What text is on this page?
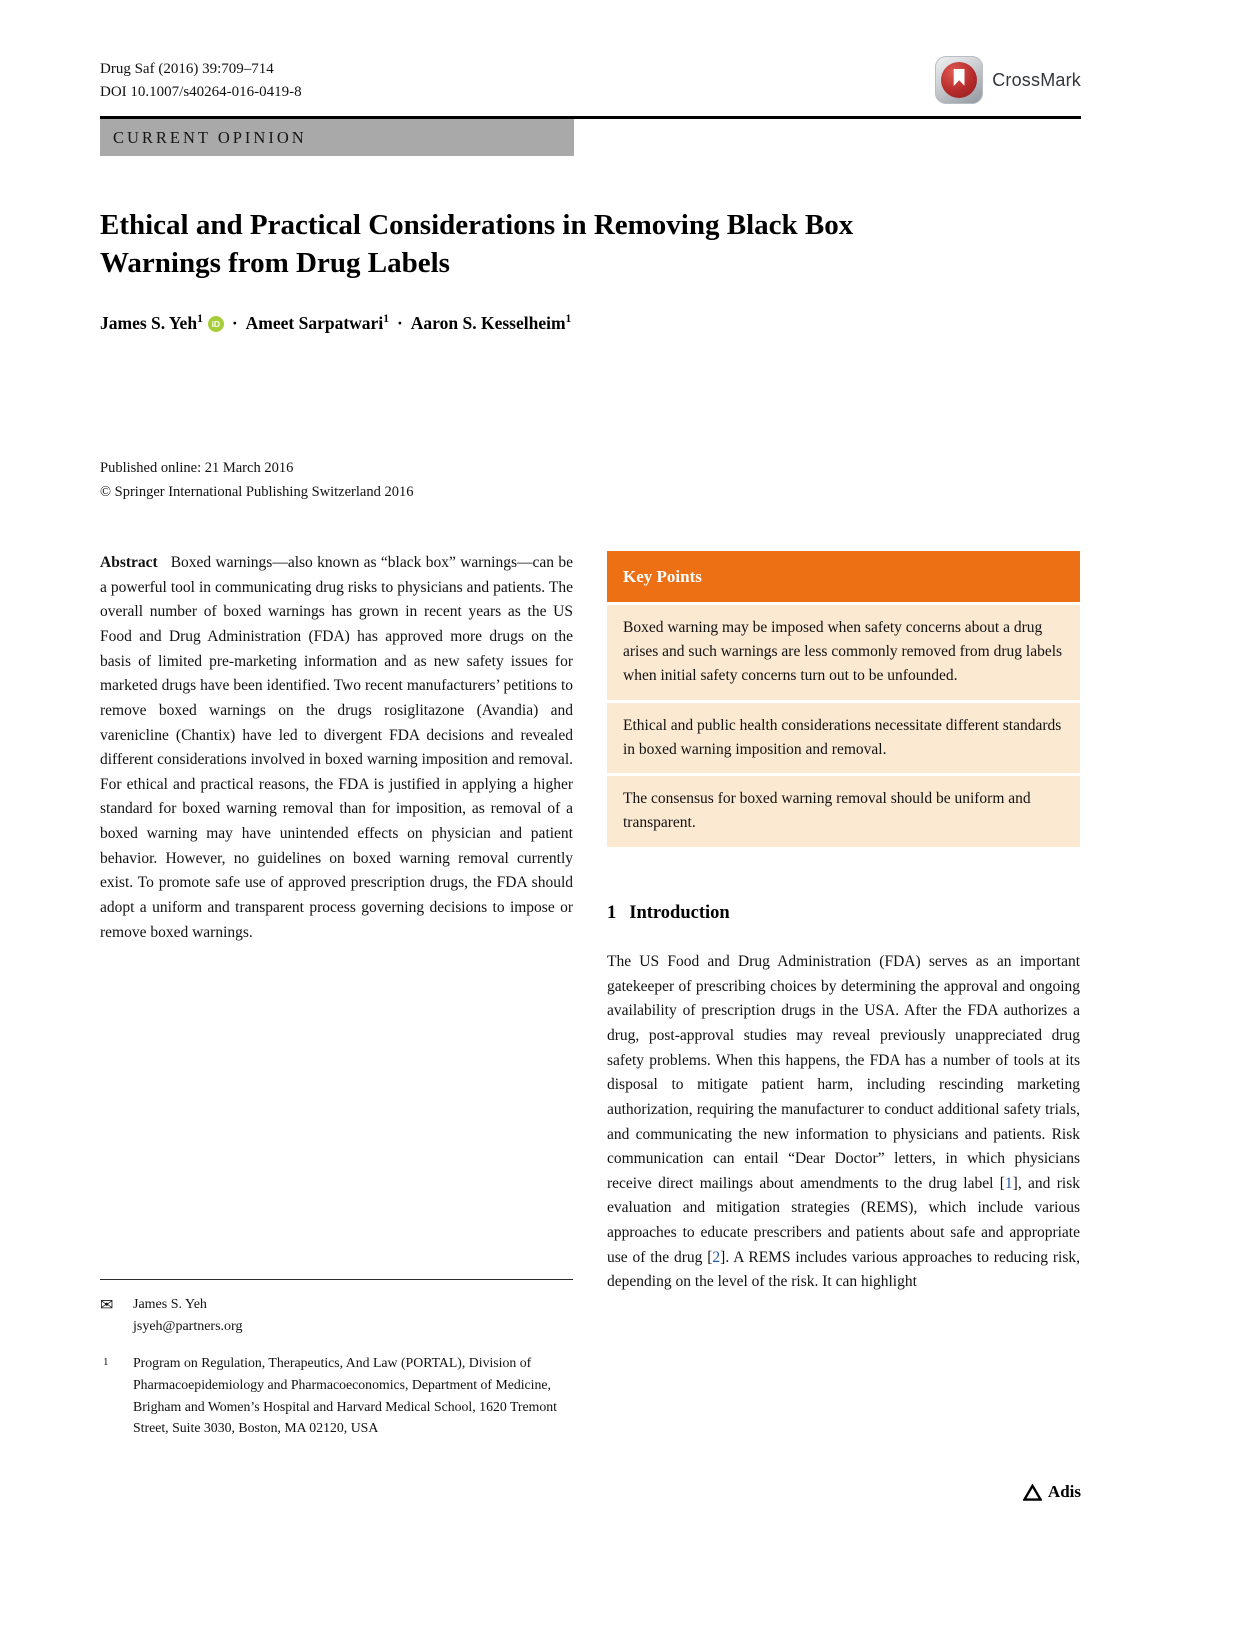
Drug Saf (2016) 39:709–714
DOI 10.1007/s40264-016-0419-8
CrossMark
CURRENT OPINION
Ethical and Practical Considerations in Removing Black Box Warnings from Drug Labels
James S. Yeh$^1$	iD · Ameet Sarpatwari$^1$ · Aaron S. Kesselheim$^1$
Published online: 21 March 2016
© Springer International Publishing Switzerland 2016

Abstract Boxed warnings—also known as “black box” warnings—can be a powerful tool in communicating drug risks to physicians and patients. The overall number of boxed warnings has grown in recent years as the US Food and Drug Administration (FDA) has approved more drugs on the basis of limited pre-marketing information and as new safety issues for marketed drugs have been identified. Two recent manufacturers’ petitions to remove boxed warnings on the drugs rosiglitazone (Avandia) and varenicline (Chantix) have led to divergent FDA decisions and revealed different considerations involved in boxed warning imposition and removal. For ethical and practical reasons, the FDA is justified in applying a higher standard for boxed warning removal than for imposition, as removal of a boxed warning may have unintended effects on physician and patient behavior. However, no guidelines on boxed warning removal currently exist. To promote safe use of approved prescription drugs, the FDA should adopt a uniform and transparent process governing decisions to impose or remove boxed warnings.

✉	James S. Yeh
jsyeh@partners.org
1	Program on Regulation, Therapeutics, And Law (PORTAL), Division of Pharmacoepidemiology and Pharmacoeconomics, Department of Medicine, Brigham and Women’s Hospital and Harvard Medical School, 1620 Tremont Street, Suite 3030, Boston, MA 02120, USA
Key Points
Boxed warning may be imposed when safety concerns about a drug arises and such warnings are less commonly removed from drug labels when initial safety concerns turn out to be unfounded.
Ethical and public health considerations necessitate different standards in boxed warning imposition and removal.
The consensus for boxed warning removal should be uniform and transparent.
1 Introduction

The US Food and Drug Administration (FDA) serves as an important gatekeeper of prescribing choices by determining the approval and ongoing availability of prescription drugs in the USA. After the FDA authorizes a drug, post-approval studies may reveal previously unappreciated drug safety problems. When this happens, the FDA has a number of tools at its disposal to mitigate patient harm, including rescinding marketing authorization, requiring the manufacturer to conduct additional safety trials, and communicating the new information to physicians and patients. Risk communication can entail “Dear Doctor” letters, in which physicians receive direct mailings about amendments to the drug label [1], and risk evaluation and mitigation strategies (REMS), which include various approaches to educate prescribers and patients about safe and appropriate use of the drug [2]. A REMS includes various approaches to reducing risk, depending on the level of the risk. It can highlight

Adis
